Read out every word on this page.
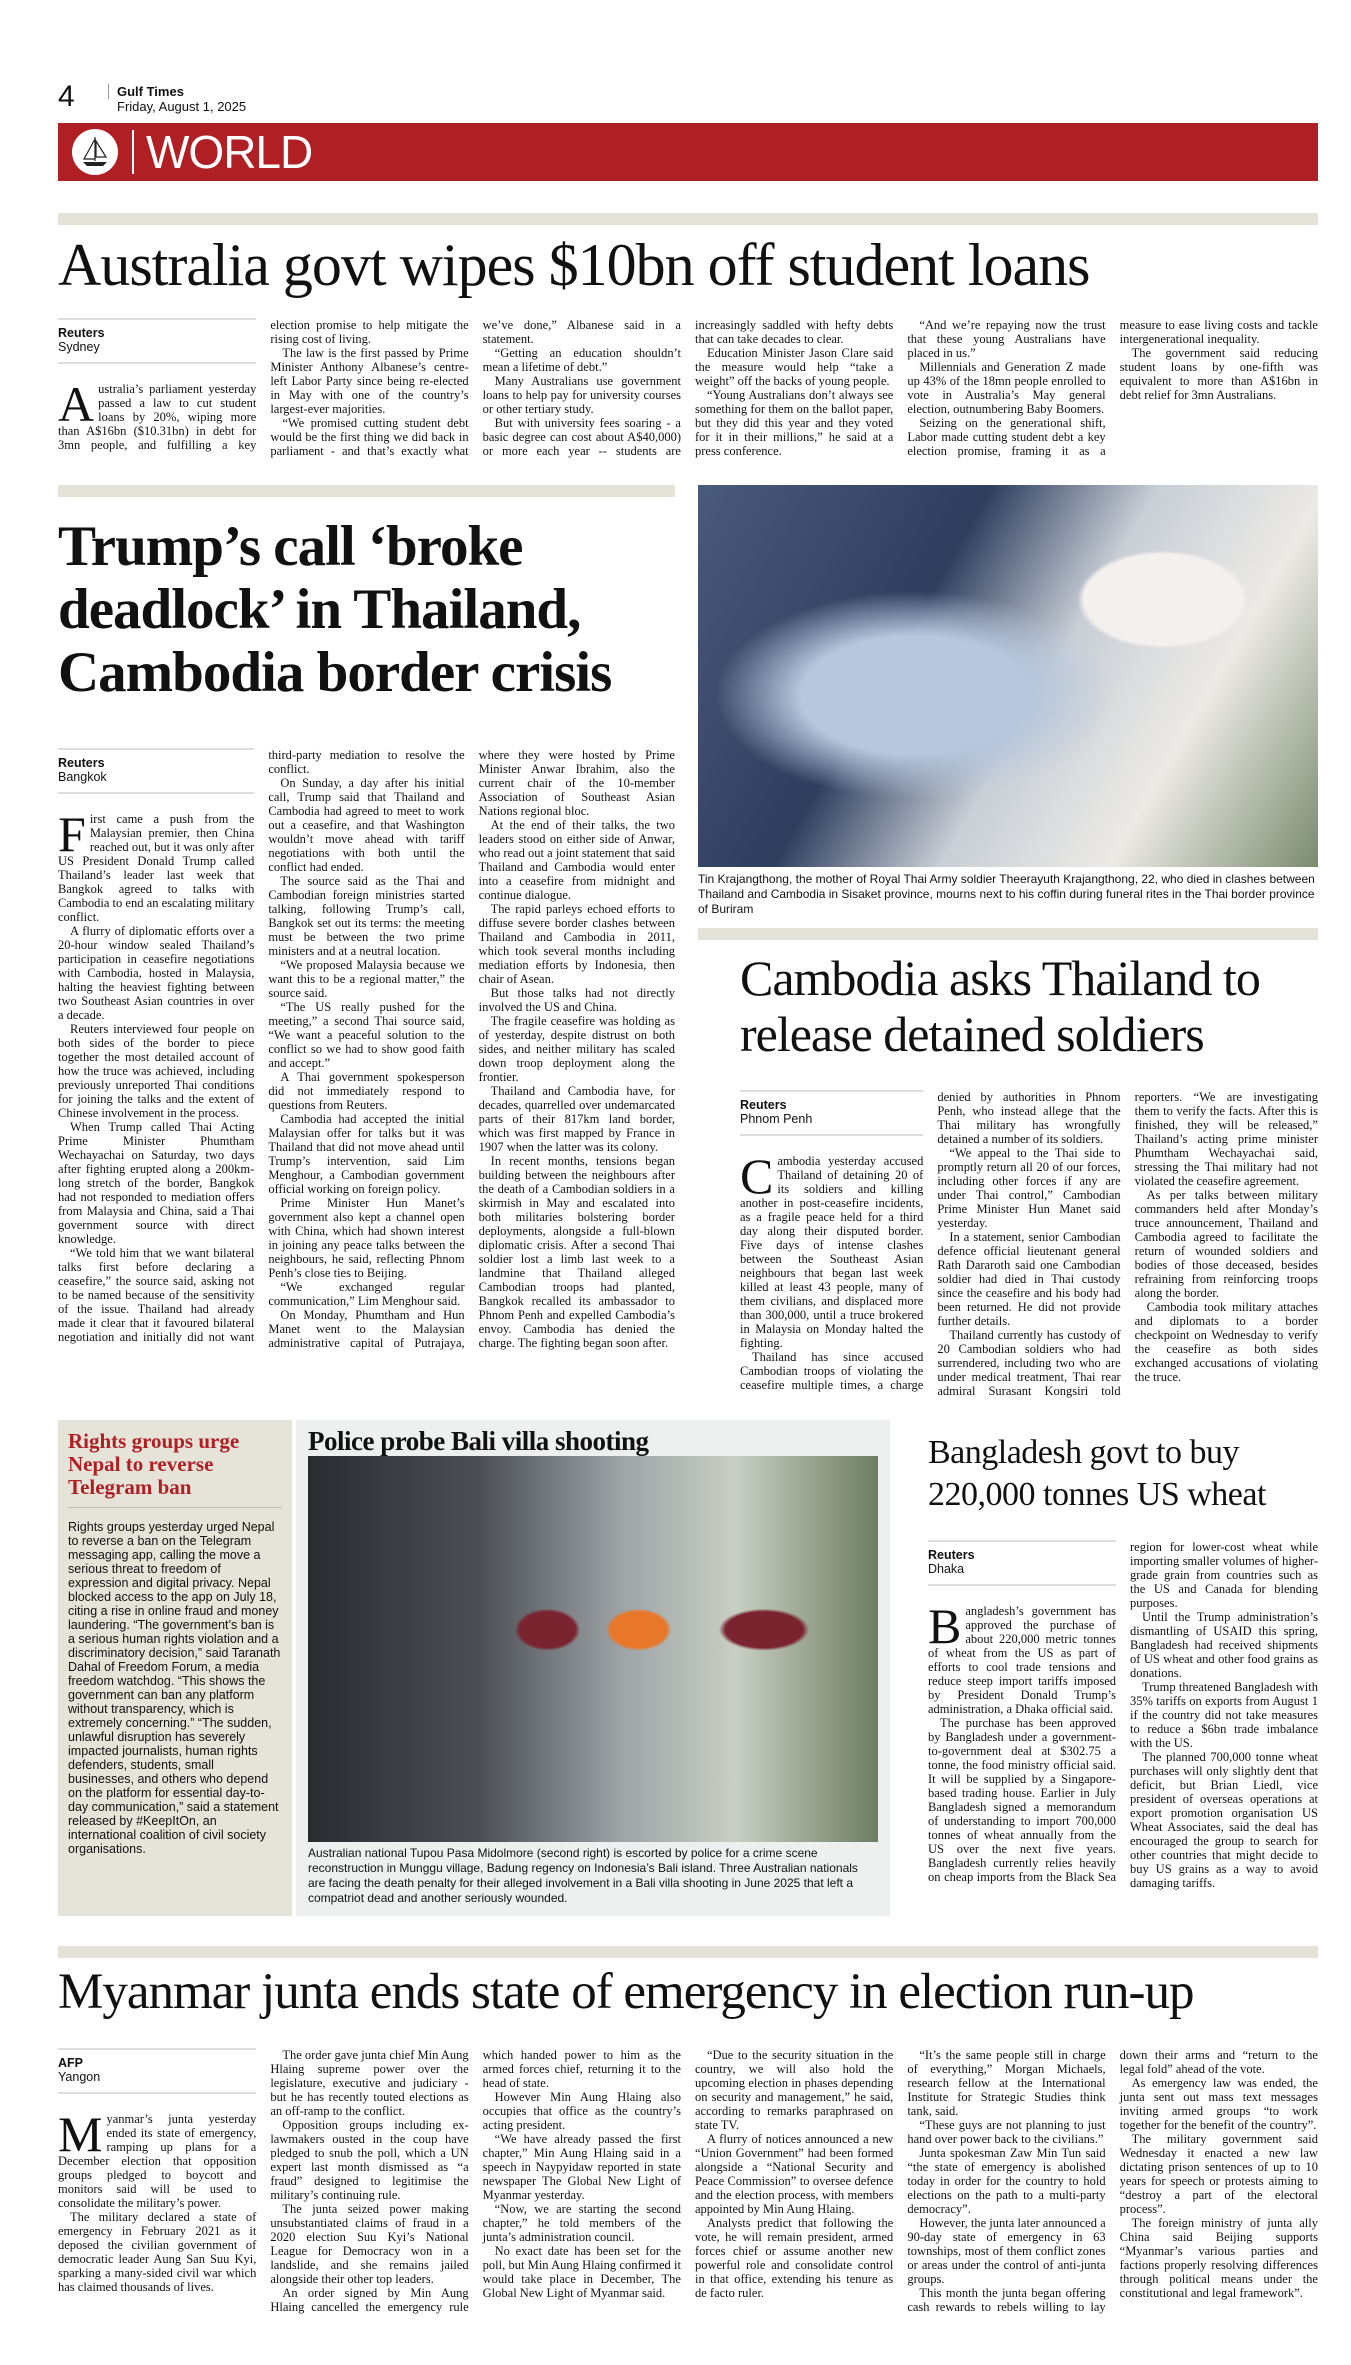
4	Gulf Times
Friday, August 1, 2025
WORLD
Australia govt wipes $10bn off student loans
Reuters
Sydney

Australia’s parliament yesterday passed a law to cut student loans by 20%, wiping more than A$16bn ($10.31bn) in debt for 3mn people, and fulfilling a key election promise to help mitigate the rising cost of living.

The law is the first passed by Prime Minister Anthony Albanese’s centre-left Labor Party since being re-elected in May with one of the country’s largest-ever majorities.

“We promised cutting student debt would be the first thing we did back in parliament - and that’s exactly what we’ve done,” Albanese said in a statement.

“Getting an education shouldn’t mean a lifetime of debt.”

Many Australians use government loans to help pay for university courses or other tertiary study.

But with university fees soaring - a basic degree can cost about A$40,000) or more each year -- students are increasingly saddled with hefty debts that can take decades to clear.

Education Minister Jason Clare said the measure would help “take a weight” off the backs of young people.

“Young Australians don’t always see something for them on the ballot paper, but they did this year and they voted for it in their millions,” he said at a press conference.

“And we’re repaying now the trust that these young Australians have placed in us.”

Millennials and Generation Z made up 43% of the 18mn people enrolled to vote in Australia’s May general election, outnumbering Baby Boomers.

Seizing on the generational shift, Labor made cutting student debt a key election promise, framing it as a measure to ease living costs and tackle intergenerational inequality.

The government said reducing student loans by one-fifth was equivalent to more than A$16bn in debt relief for 3mn Australians.

Trump’s call ‘broke deadlock’ in Thailand, Cambodia border crisis
Tin Krajangthong, the mother of Royal Thai Army soldier Theerayuth Krajangthong, 22, who died in clashes between Thailand and Cambodia in Sisaket province, mourns next to his coffin during funeral rites in the Thai border province of Buriram
Reuters
Bangkok

First came a push from the Malaysian premier, then China reached out, but it was only after US President Donald Trump called Thailand’s leader last week that Bangkok agreed to talks with Cambodia to end an escalating military conflict.

A flurry of diplomatic efforts over a 20-hour window sealed Thailand’s participation in ceasefire negotiations with Cambodia, hosted in Malaysia, halting the heaviest fighting between two Southeast Asian countries in over a decade.

Reuters interviewed four people on both sides of the border to piece together the most detailed account of how the truce was achieved, including previously unreported Thai conditions for joining the talks and the extent of Chinese involvement in the process.

When Trump called Thai Acting Prime Minister Phumtham Wechayachai on Saturday, two days after fighting erupted along a 200km-long stretch of the border, Bangkok had not responded to mediation offers from Malaysia and China, said a Thai government source with direct knowledge.

“We told him that we want bilateral talks first before declaring a ceasefire,” the source said, asking not to be named because of the sensitivity of the issue. Thailand had already made it clear that it favoured bilateral negotiation and initially did not want third-party mediation to resolve the conflict.

On Sunday, a day after his initial call, Trump said that Thailand and Cambodia had agreed to meet to work out a ceasefire, and that Washington wouldn’t move ahead with tariff negotiations with both until the conflict had ended.

The source said as the Thai and Cambodian foreign ministries started talking, following Trump’s call, Bangkok set out its terms: the meeting must be between the two prime ministers and at a neutral location.

“We proposed Malaysia because we want this to be a regional matter,” the source said.

“The US really pushed for the meeting,” a second Thai source said, “We want a peaceful solution to the conflict so we had to show good faith and accept.”

A Thai government spokesperson did not immediately respond to questions from Reuters.

Cambodia had accepted the initial Malaysian offer for talks but it was Thailand that did not move ahead until Trump’s intervention, said Lim Menghour, a Cambodian government official working on foreign policy.

Prime Minister Hun Manet’s government also kept a channel open with China, which had shown interest in joining any peace talks between the neighbours, he said, reflecting Phnom Penh’s close ties to Beijing.

“We exchanged regular communication,” Lim Menghour said.

On Monday, Phumtham and Hun Manet went to the Malaysian administrative capital of Putrajaya, where they were hosted by Prime Minister Anwar Ibrahim, also the current chair of the 10-member Association of Southeast Asian Nations regional bloc.

At the end of their talks, the two leaders stood on either side of Anwar, who read out a joint statement that said Thailand and Cambodia would enter into a ceasefire from midnight and continue dialogue.

The rapid parleys echoed efforts to diffuse severe border clashes between Thailand and Cambodia in 2011, which took several months including mediation efforts by Indonesia, then chair of Asean.

But those talks had not directly involved the US and China.

The fragile ceasefire was holding as of yesterday, despite distrust on both sides, and neither military has scaled down troop deployment along the frontier.

Thailand and Cambodia have, for decades, quarrelled over undemarcated parts of their 817km land border, which was first mapped by France in 1907 when the latter was its colony.

In recent months, tensions began building between the neighbours after the death of a Cambodian soldiers in a skirmish in May and escalated into both militaries bolstering border deployments, alongside a full-blown diplomatic crisis. After a second Thai soldier lost a limb last week to a landmine that Thailand alleged Cambodian troops had planted, Bangkok recalled its ambassador to Phnom Penh and expelled Cambodia’s envoy. Cambodia has denied the charge. The fighting began soon after.

Cambodia asks Thailand to release detained soldiers
Reuters
Phnom Penh

Cambodia yesterday accused Thailand of detaining 20 of its soldiers and killing another in post-ceasefire incidents, as a fragile peace held for a third day along their disputed border. Five days of intense clashes between the Southeast Asian neighbours that began last week killed at least 43 people, many of them civilians, and displaced more than 300,000, until a truce brokered in Malaysia on Monday halted the fighting.

Thailand has since accused Cambodian troops of violating the ceasefire multiple times, a charge denied by authorities in Phnom Penh, who instead allege that the Thai military has wrongfully detained a number of its soldiers.

“We appeal to the Thai side to promptly return all 20 of our forces, including other forces if any are under Thai control,” Cambodian Prime Minister Hun Manet said yesterday.

In a statement, senior Cambodian defence official lieutenant general Rath Dararoth said one Cambodian soldier had died in Thai custody since the ceasefire and his body had been returned. He did not provide further details.

Thailand currently has custody of 20 Cambodian soldiers who had surrendered, including two who are under medical treatment, Thai rear admiral Surasant Kongsiri told reporters. “We are investigating them to verify the facts. After this is finished, they will be released,” Thailand’s acting prime minister Phumtham Wechayachai said, stressing the Thai military had not violated the ceasefire agreement.

As per talks between military commanders held after Monday’s truce announcement, Thailand and Cambodia agreed to facilitate the return of wounded soldiers and bodies of those deceased, besides refraining from reinforcing troops along the border.

Cambodia took military attaches and diplomats to a border checkpoint on Wednesday to verify the ceasefire as both sides exchanged accusations of violating the truce.

Rights groups urge Nepal to reverse Telegram ban

Rights groups yesterday urged Nepal to reverse a ban on the Telegram messaging app, calling the move a serious threat to freedom of expression and digital privacy. Nepal blocked access to the app on July 18, citing a rise in online fraud and money laundering. “The government’s ban is a serious human rights violation and a discriminatory decision,” said Taranath Dahal of Freedom Forum, a media freedom watchdog. “This shows the government can ban any platform without transparency, which is extremely concerning.” “The sudden, unlawful disruption has severely impacted journalists, human rights defenders, students, small businesses, and others who depend on the platform for essential day-to-day communication,” said a statement released by #KeepItOn, an international coalition of civil society organisations.

Police probe Bali villa shooting
Australian national Tupou Pasa Midolmore (second right) is escorted by police for a crime scene reconstruction in Munggu village, Badung regency on Indonesia’s Bali island. Three Australian nationals are facing the death penalty for their alleged involvement in a Bali villa shooting in June 2025 that left a compatriot dead and another seriously wounded.
Bangladesh govt to buy 220,000 tonnes US wheat
Reuters
Dhaka

Bangladesh’s government has approved the purchase of about 220,000 metric tonnes of wheat from the US as part of efforts to cool trade tensions and reduce steep import tariffs imposed by President Donald Trump’s administration, a Dhaka official said.

The purchase has been approved by Bangladesh under a government-to-government deal at $302.75 a tonne, the food ministry official said. It will be supplied by a Singapore-based trading house. Earlier in July Bangladesh signed a memorandum of understanding to import 700,000 tonnes of wheat annually from the US over the next five years. Bangladesh currently relies heavily on cheap imports from the Black Sea region for lower-cost wheat while importing smaller volumes of higher-grade grain from countries such as the US and Canada for blending purposes.

Until the Trump administration’s dismantling of USAID this spring, Bangladesh had received shipments of US wheat and other food grains as donations.

Trump threatened Bangladesh with 35% tariffs on exports from August 1 if the country did not take measures to reduce a $6bn trade imbalance with the US.

The planned 700,000 tonne wheat purchases will only slightly dent that deficit, but Brian Liedl, vice president of overseas operations at export promotion organisation US Wheat Associates, said the deal has encouraged the group to search for other countries that might decide to buy US grains as a way to avoid damaging tariffs.

Myanmar junta ends state of emergency in election run-up
AFP
Yangon

Myanmar’s junta yesterday ended its state of emergency, ramping up plans for a December election that opposition groups pledged to boycott and monitors said will be used to consolidate the military’s power.

The military declared a state of emergency in February 2021 as it deposed the civilian government of democratic leader Aung San Suu Kyi, sparking a many-sided civil war which has claimed thousands of lives.

The order gave junta chief Min Aung Hlaing supreme power over the legislature, executive and judiciary - but he has recently touted elections as an off-ramp to the conflict.

Opposition groups including ex-lawmakers ousted in the coup have pledged to snub the poll, which a UN expert last month dismissed as “a fraud” designed to legitimise the military’s continuing rule.

The junta seized power making unsubstantiated claims of fraud in a 2020 election Suu Kyi’s National League for Democracy won in a landslide, and she remains jailed alongside their other top leaders.

An order signed by Min Aung Hlaing cancelled the emergency rule which handed power to him as the armed forces chief, returning it to the head of state.

However Min Aung Hlaing also occupies that office as the country’s acting president.

“We have already passed the first chapter,” Min Aung Hlaing said in a speech in Naypyidaw reported in state newspaper The Global New Light of Myanmar yesterday.

“Now, we are starting the second chapter,” he told members of the junta’s administration council.

No exact date has been set for the poll, but Min Aung Hlaing confirmed it would take place in December, The Global New Light of Myanmar said.

“Due to the security situation in the country, we will also hold the upcoming election in phases depending on security and management,” he said, according to remarks paraphrased on state TV.

A flurry of notices announced a new “Union Government” had been formed alongside a “National Security and Peace Commission” to oversee defence and the election process, with members appointed by Min Aung Hlaing.

Analysts predict that following the vote, he will remain president, armed forces chief or assume another new powerful role and consolidate control in that office, extending his tenure as de facto ruler.

“It’s the same people still in charge of everything,” Morgan Michaels, research fellow at the International Institute for Strategic Studies think tank, said.

“These guys are not planning to just hand over power back to the civilians.”

Junta spokesman Zaw Min Tun said “the state of emergency is abolished today in order for the country to hold elections on the path to a multi-party democracy”.

However, the junta later announced a 90-day state of emergency in 63 townships, most of them conflict zones or areas under the control of anti-junta groups.

This month the junta began offering cash rewards to rebels willing to lay down their arms and “return to the legal fold” ahead of the vote.

As emergency law was ended, the junta sent out mass text messages inviting armed groups “to work together for the benefit of the country”.

The military government said Wednesday it enacted a new law dictating prison sentences of up to 10 years for speech or protests aiming to “destroy a part of the electoral process”.

The foreign ministry of junta ally China said Beijing supports “Myanmar’s various parties and factions properly resolving differences through political means under the constitutional and legal framework”.
